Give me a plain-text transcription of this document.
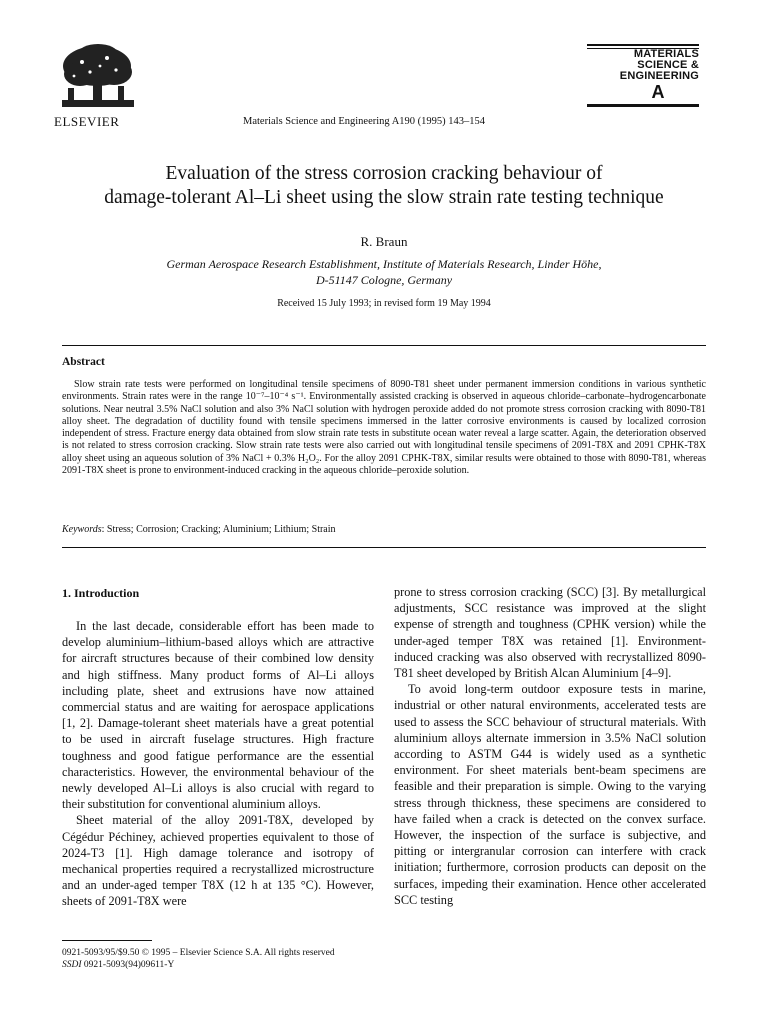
ELSEVIER	Materials Science and Engineering A190 (1995) 143–154
MATERIALS
SCIENCE &
ENGINEERING
A
Evaluation of the stress corrosion cracking behaviour of
damage-tolerant Al–Li sheet using the slow strain rate testing technique
R. Braun
German Aerospace Research Establishment, Institute of Materials Research, Linder Höhe,
D-51147 Cologne, Germany
Received 15 July 1993; in revised form 19 May 1994
Abstract
Slow strain rate tests were performed on longitudinal tensile specimens of 8090-T81 sheet under permanent immersion conditions in various synthetic environments. Strain rates were in the range 10⁻⁷–10⁻⁴ s⁻¹. Environmentally assisted cracking is observed in aqueous chloride–carbonate–hydrogencarbonate solutions. Near neutral 3.5% NaCl solution and also 3% NaCl solution with hydrogen peroxide added do not promote stress corrosion cracking with 8090-T81 alloy sheet. The degradation of ductility found with tensile specimens immersed in the latter corrosive environments is caused by localized corrosion independent of stress. Fracture energy data obtained from slow strain rate tests in substitute ocean water reveal a large scatter. Again, the deterioration observed is not related to stress corrosion cracking. Slow strain rate tests were also carried out with longitudinal tensile specimens of 2091-T8X and 2091 CPHK-T8X alloy sheet using an aqueous solution of 3% NaCl + 0.3% H₂O₂. For the alloy 2091 CPHK-T8X, similar results were obtained to those with 8090-T81, whereas 2091-T8X sheet is prone to environment-induced cracking in the aqueous chloride–peroxide solution.
Keywords: Stress; Corrosion; Cracking; Aluminium; Lithium; Strain
1. Introduction

In the last decade, considerable effort has been made to develop aluminium–lithium-based alloys which are attractive for aircraft structures because of their combined low density and high stiffness. Many product forms of Al–Li alloys including plate, sheet and extrusions have now attained commercial status and are waiting for aerospace applications [1, 2]. Damage-tolerant sheet materials have a great potential to be used in aircraft fuselage structures. High fracture toughness and good fatigue performance are the essential characteristics. However, the environmental behaviour of the newly developed Al–Li alloys is also crucial with regard to their substitution for conventional aluminium alloys.

Sheet material of the alloy 2091-T8X, developed by Cégédur Péchiney, achieved properties equivalent to those of 2024-T3 [1]. High damage tolerance and isotropy of mechanical properties required a recrystallized microstructure and an under-aged temper T8X (12 h at 135 °C). However, sheets of 2091-T8X were

prone to stress corrosion cracking (SCC) [3]. By metallurgical adjustments, SCC resistance was improved at the slight expense of strength and toughness (CPHK version) while the under-aged temper T8X was retained [1]. Environment-induced cracking was also observed with recrystallized 8090-T81 sheet developed by British Alcan Aluminium [4–9].

To avoid long-term outdoor exposure tests in marine, industrial or other natural environments, accelerated tests are used to assess the SCC behaviour of structural materials. With aluminium alloys alternate immersion in 3.5% NaCl solution according to ASTM G44 is widely used as a synthetic environment. For sheet materials bent-beam specimens are feasible and their preparation is simple. Owing to the varying stress through thickness, these specimens are considered to have failed when a crack is detected on the convex surface. However, the inspection of the surface is subjective, and pitting or intergranular corrosion can interfere with crack initiation; furthermore, corrosion products can deposit on the surfaces, impeding their examination. Hence other accelerated SCC testing

0921-5093/95/$9.50 © 1995 – Elsevier Science S.A. All rights reserved
SSDI 0921-5093(94)09611-Y
